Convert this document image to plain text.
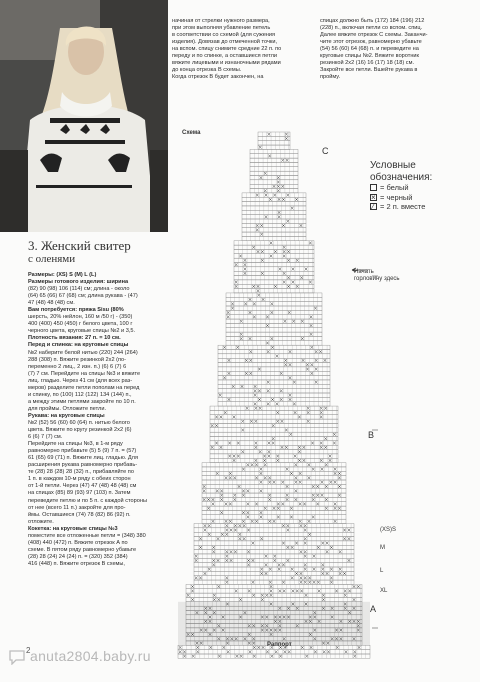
начиная от стрелки нужного размера,

при этом выполняя убавление петель

в соответствии со схемой (для сужения

изделия). Довязав до отмеченной точки,

на вспом. спицу снимите средние 22 п. по

переду и по спинке, а оставшиеся петли

вяжите лицевыми и изнаночными рядами

до конца отрезка В схемы.

Когда отрезок В будет закончен, на

спицах должно быть (172) 184 (196) 212

(228) п., включая петли со вспом. спиц.

Далее вяжите отрезок С схемы. Заканчи-

чите этот отрезок, равномерно убавьте

(54) 56 (60) 64 (68) п. и переведите на

круговые спицы №2. Вяжите воротник

резинкой 2х2 (16) 16 (17) 18 (18) см.

Закройте все петли. Вшейте рукава в

пройму.

3. Женский свитер
с оленями

Размеры: (XS) S (M) L (L)

Размеры готового изделия: ширина

(82) 90 (98) 106 (114) см; длина - около

(64) 65 (66) 67 (68) см; длина рукава - (47)

47 (48) 48 (48) см.

Вам потребуется: пряжа Sisu (80%

шерсть, 20% нейлон, 160 м /50 г) - (350)

400 (400) 450 (450) г белого цвета, 100 г

черного цвета, круговые спицы №2 и 3,5.

Плотность вязания: 27 п. = 10 см.

Перед и спинка: на круговые спицы

№2 наберите белой нитью (220) 244 (264)

288 (308) п. Вяжите резинкой 2х2 (по-

переменно 2 лиц., 2 изн. п.) (6) 6 (7) 6

(7) 7 см. Перейдите на спицы №3 и вяжите

лиц. гладью. Через 41 см (для всех раз-

меров) разделите петли пополам на перед

и спинку, по (100) 112 (122) 134 (144) п.,

а между этими петлями закройте по 10 п.

для проймы. Отложите петли.

Рукава: на круговые спицы

№2 (52) 56 (60) 60 (64) п. нитью белого

цвета. Вяжите по кругу резинкой 2х2 (6)

6 (6) 7 (7) см.

Перейдите на спицы №3, в 1-м ряду

равномерно прибавьте (5) 5 (9) 7 п. = (57)

61 (65) 69 (71) п. Вяжите лиц. гладью. Для

расширения рукава равномерно прибавь-

те (28) 28 (28) 28 (32) п., прибавляйте по

1 п. в каждом 10-м ряду с обеих сторон

от 1-й петли. Через (47) 47 (48) 48 (48) см

на спицах (85) 89 (93) 97 (103) п. Затем

переведите петлю и по 5 п. с каждой стороны

от нее (всего 11 п.) закройте для про-

ймы. Оставшиеся (74) 78 (82) 86 (92) п.

отложите.

Кокетка: на круговые спицы №3

поместите все отложенные петли = (348) 380

(408) 440 (472) п. Вяжите отрезок А по

схеме. В пятом ряду равномерно убавьте

(28) 28 (24) 24 (24) п. = (320) 352 (384)

416 (448) п. Вяжите отрезок В схемы,

Условные
обозначения:
= белый
×
= черный
⁄
= 2 п. вместе
Схема
C
Начать
горловину здесь
B
(XS)S
M
L
XL
A
Раппорт
2 anuta2804.baby.ru
